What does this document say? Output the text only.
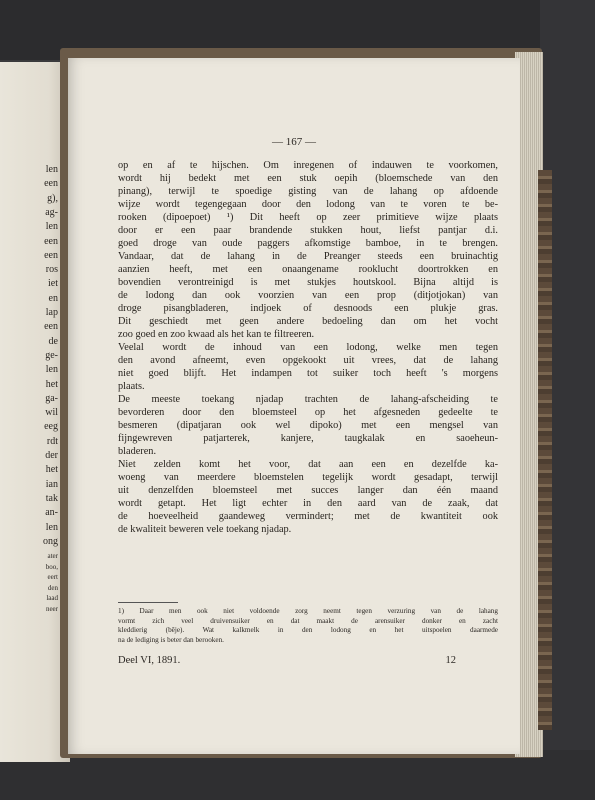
len
een
g),
ag-
len
een
een
ros
iet
en
lap
een
de
ge-
len
het
ga-
wil
eeg
rdt
der
het
ian
tak
an-
len
ong
ater
boo,
eert
den
laad
neer
— 167 —
op en af te hijschen. Om inregenen of indauwen te voorkomen,
wordt hij bedekt met een stuk oepih (bloemschede van den
pinang), terwijl te spoedige gisting van de lahang op afdoende
wijze wordt tegengegaan door den lodong van te voren te be-
rooken (dipoepoet) ¹) Dit heeft op zeer primitieve wijze plaats
door er een paar brandende stukken hout, liefst pantjar d.i.
goed droge van oude paggers afkomstige bamboe, in te brengen.
Vandaar, dat de lahang in de Preanger steeds een bruinachtig
aanzien heeft, met een onaangename rooklucht doortrokken en
bovendien verontreinigd is met stukjes houtskool. Bijna altijd is
de lodong dan ook voorzien van een prop (ditjotjokan) van
droge pisangbladeren, indjoek of desnoods een plukje gras.
Dit geschiedt met geen andere bedoeling dan om het vocht
zoo goed en zoo kwaad als het kan te filtreeren.
Veelal wordt de inhoud van een lodong, welke men tegen
den avond afneemt, even opgekookt uit vrees, dat de lahang
niet goed blijft. Het indampen tot suiker toch heeft 's morgens
plaats.
De meeste toekang njadap trachten de lahang-afscheiding te
bevorderen door den bloemsteel op het afgesneden gedeelte te
besmeren (dipatjaran ook wel dipoko) met een mengsel van
fijngewreven patjarterek, kanjere, taugkalak en saoeheun-
bladeren.
Niet zelden komt het voor, dat aan een en dezelfde ka-
woeng van meerdere bloemstelen tegelijk wordt gesadapt, terwijl
uit denzelfden bloemsteel met succes langer dan één maand
wordt getapt. Het ligt echter in den aard van de zaak, dat
de hoeveelheid gaandeweg vermindert; met de kwantiteit ook
de kwaliteit beweren vele toekang njadap.
1) Daar men ook niet voldoende zorg neemt tegen verzuring van de lahang
vormt zich veel druivensuiker en dat maakt de arensuiker donker en zacht
kleddierig (bêje). Wat kalkmelk in den lodong en het uitspoelen daarmede
na de lediging is beter dan berooken.
Deel VI, 1891.	12
